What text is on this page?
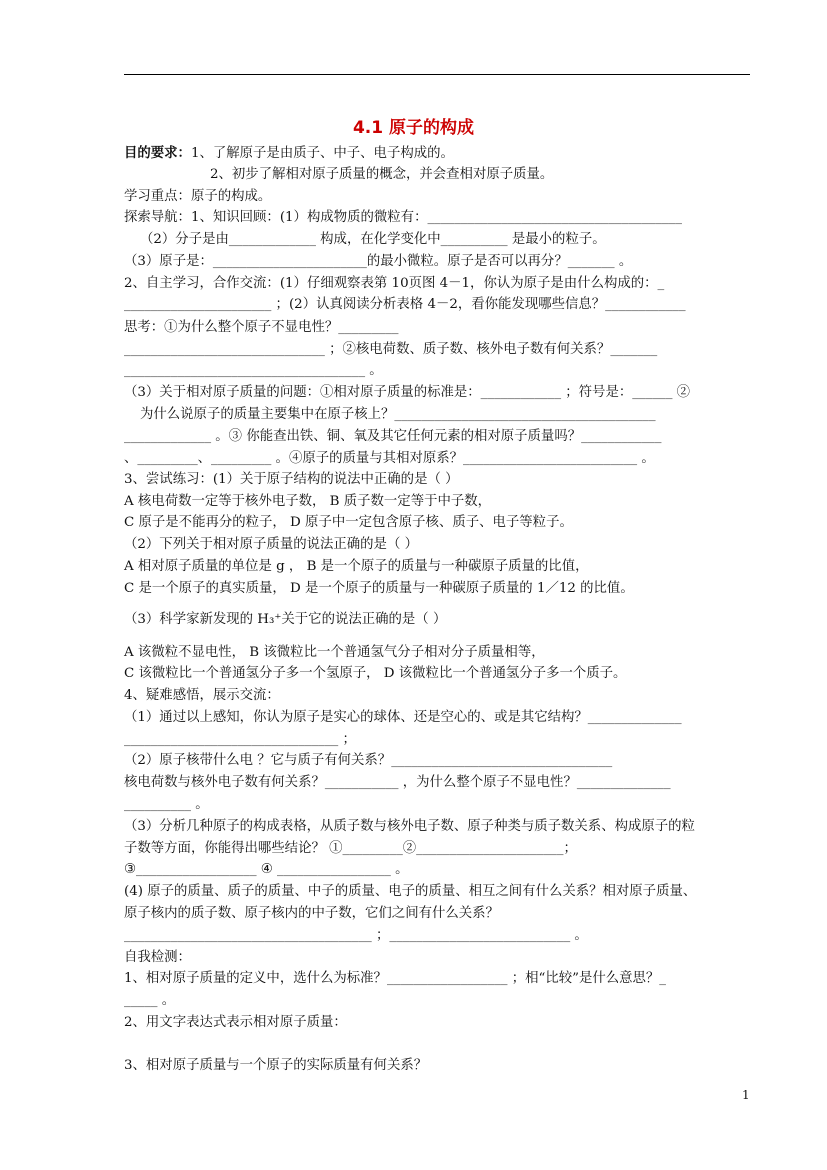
4.1 原子的构成
目的要求：1、了解原子是由质子、中子、电子构成的。
2、初步了解相对原子质量的概念，并会查相对原子质量。
学习重点：原子的构成。
探索导航：1、知识回顾：(1）构成物质的微粒有：______________________________________
（2）分子是由_____________ 构成，在化学变化中__________ 是最小的粒子。
（3）原子是：_______________________的最小微粒。原子是否可以再分？_______ 。
2、自主学习，合作交流：(1）仔细观察表第 10页图 4－1，你认为原子是由什么构成的：_
______________________ ；(2）认真阅读分析表格 4－2，看你能发现哪些信息？____________
思考：①为什么整个原子不显电性？_________
______________________________ ；②核电荷数、质子数、核外电子数有何关系？_______
____________________________________ 。
（3）关于相对原子质量的问题：①相对原子质量的标准是：____________ ；符号是：______ ②
为什么说原子的质量主要集中在原子核上？_______________________________________
_____________ 。③ 你能查出铁、铜、氧及其它任何元素的相对原子质量吗？____________
、_________、_________ 。④原子的质量与其相对原系？__________________________ 。
3、尝试练习：(1）关于原子结构的说法中正确的是（ ）
A 核电荷数一定等于核外电子数， B 质子数一定等于中子数，
C 原子是不能再分的粒子， D 原子中一定包含原子核、质子、电子等粒子。
（2）下列关于相对原子质量的说法正确的是（ ）
A 相对原子质量的单位是 g ， B 是一个原子的质量与一种碳原子质量的比值，
C 是一个原子的真实质量， D 是一个原子的质量与一种碳原子质量的 1／12 的比值。
（3）科学家新发现的 H₃⁺关于它的说法正确的是（ ）
A 该微粒不显电性， B 该微粒比一个普通氢气分子相对分子质量相等，
C 该微粒比一个普通氢分子多一个氢原子， D 该微粒比一个普通氢分子多一个质子。
4、疑难感悟，展示交流：
（1）通过以上感知，你认为原子是实心的球体、还是空心的、或是其它结构？______________
________________________________ ；
（2）原子核带什么电 ？它与质子有何关系？_________________________________
核电荷数与核外电子数有何关系？___________ ，为什么整个原子不显电性？______________
__________ 。
（3）分析几种原子的构成表格，从质子数与核外电子数、原子种类与质子数关系、构成原子的粒
子数等方面，你能得出哪些结论？ ①_________②______________________；
③__________________ ④ _________________ 。
(4) 原子的质量、质子的质量、中子的质量、电子的质量、相互之间有什么关系？相对原子质量、
原子核内的质子数、原子核内的中子数，它们之间有什么关系？
_____________________________________ ；___________________________ 。
自我检测：
1、相对原子质量的定义中，选什么为标准？__________________ ；相“比较”是什么意思？_
_____ 。
2、用文字表达式表示相对原子质量：
3、相对原子质量与一个原子的实际质量有何关系？
1
